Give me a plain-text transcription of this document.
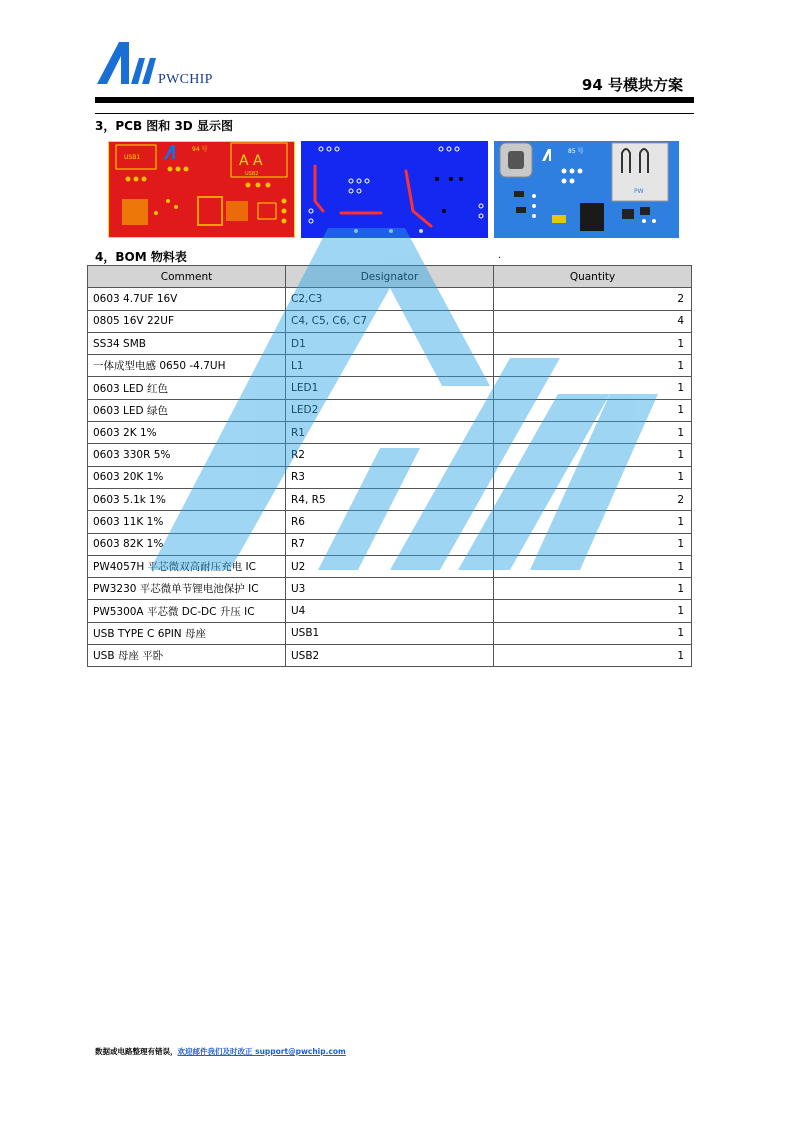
PWCHIP	94 号模块方案
3，PCB 图和 3D 显示图
USB1
94 号
A A
USB2
85 号
PW
4，BOM 物料表	.
Comment	Designator	Quantity
0603 4.7UF 16V	C2,C3	2
0805 16V 22UF	C4, C5, C6, C7	4
SS34 SMB	D1	1
一体成型电感 0650 -4.7UH	L1	1
0603 LED 红色	LED1	1
0603 LED 绿色	LED2	1
0603 2K 1%	R1	1
0603 330R 5%	R2	1
0603 20K 1%	R3	1
0603 5.1k 1%	R4, R5	2
0603 11K 1%	R6	1
0603 82K 1%	R7	1
PW4057H 平芯微双高耐压充电 IC	U2	1
PW3230 平芯微单节锂电池保护 IC	U3	1
PW5300A 平芯微 DC-DC 升压 IC	U4	1
USB TYPE C 6PIN 母座	USB1	1
USB 母座 平卧	USB2	1
数据或电路整理有错误，欢迎邮件我们及时改正 support@pwchip.com
